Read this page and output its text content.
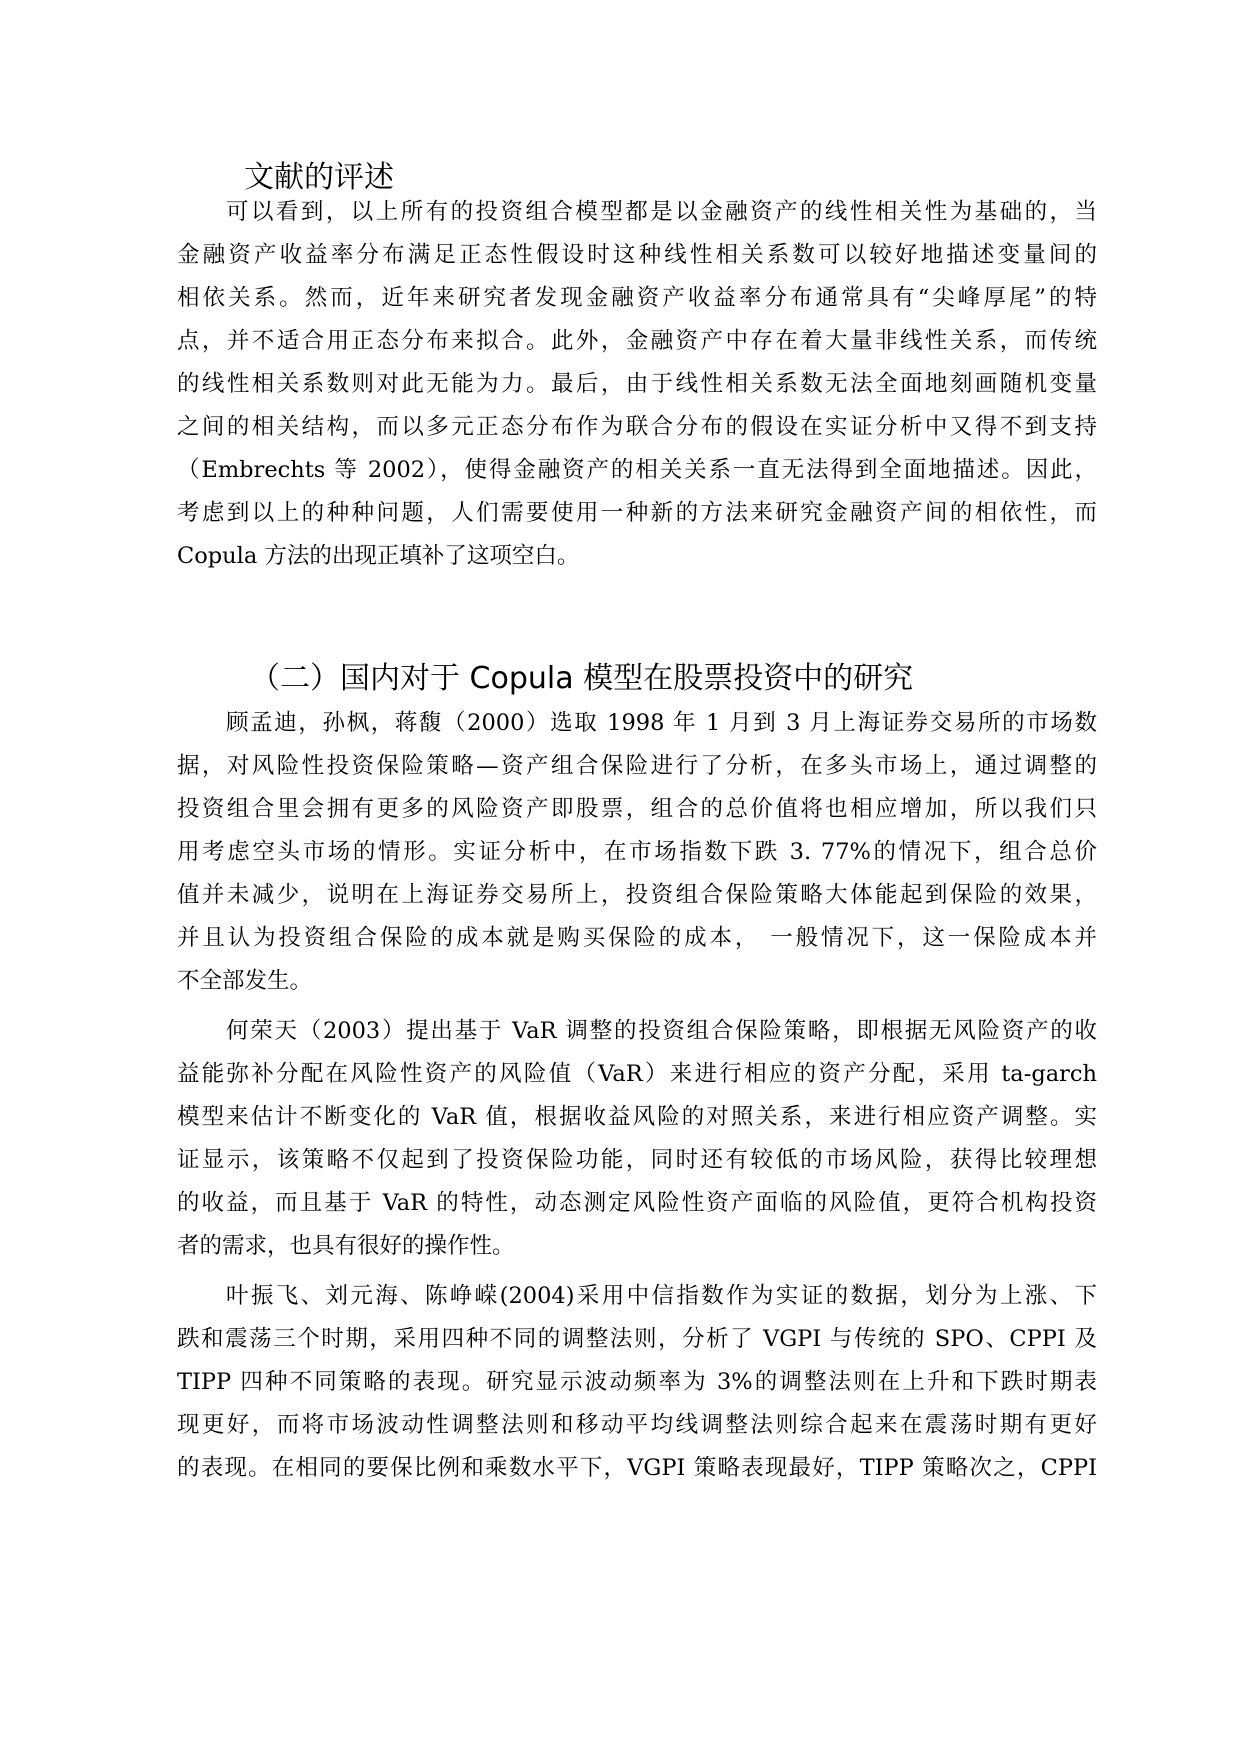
文献的评述
可以看到，以上所有的投资组合模型都是以金融资产的线性相关性为基础的，当
金融资产收益率分布满足正态性假设时这种线性相关系数可以较好地描述变量间的
相依关系。然而，近年来研究者发现金融资产收益率分布通常具有“尖峰厚尾”的特
点，并不适合用正态分布来拟合。此外，金融资产中存在着大量非线性关系，而传统
的线性相关系数则对此无能为力。最后，由于线性相关系数无法全面地刻画随机变量
之间的相关结构，而以多元正态分布作为联合分布的假设在实证分析中又得不到支持
（Embrechts 等 2002），使得金融资产的相关关系一直无法得到全面地描述。因此，
考虑到以上的种种问题，人们需要使用一种新的方法来研究金融资产间的相依性，而
Copula 方法的出现正填补了这项空白。
（二）国内对于 Copula 模型在股票投资中的研究
顾孟迪，孙枫，蒋馥（2000）选取 1998 年 1 月到 3 月上海证券交易所的市场数
据，对风险性投资保险策略—资产组合保险进行了分析，在多头市场上，通过调整的
投资组合里会拥有更多的风险资产即股票，组合的总价值将也相应增加，所以我们只
用考虑空头市场的情形。实证分析中，在市场指数下跌 3. 77%的情况下，组合总价
值并未减少，说明在上海证券交易所上，投资组合保险策略大体能起到保险的效果，
并且认为投资组合保险的成本就是购买保险的成本， 一般情况下，这一保险成本并
不全部发生。
何荣天（2003）提出基于 VaR 调整的投资组合保险策略，即根据无风险资产的收
益能弥补分配在风险性资产的风险值（VaR）来进行相应的资产分配，采用 ta-garch
模型来估计不断变化的 VaR 值，根据收益风险的对照关系，来进行相应资产调整。实
证显示，该策略不仅起到了投资保险功能，同时还有较低的市场风险，获得比较理想
的收益，而且基于 VaR 的特性，动态测定风险性资产面临的风险值，更符合机构投资
者的需求，也具有很好的操作性。
叶振飞、刘元海、陈峥嵘(2004)采用中信指数作为实证的数据，划分为上涨、下
跌和震荡三个时期，采用四种不同的调整法则，分析了 VGPI 与传统的 SPO、CPPI 及
TIPP 四种不同策略的表现。研究显示波动频率为 3%的调整法则在上升和下跌时期表
现更好，而将市场波动性调整法则和移动平均线调整法则综合起来在震荡时期有更好
的表现。在相同的要保比例和乘数水平下，VGPI 策略表现最好，TIPP 策略次之，CPPI
